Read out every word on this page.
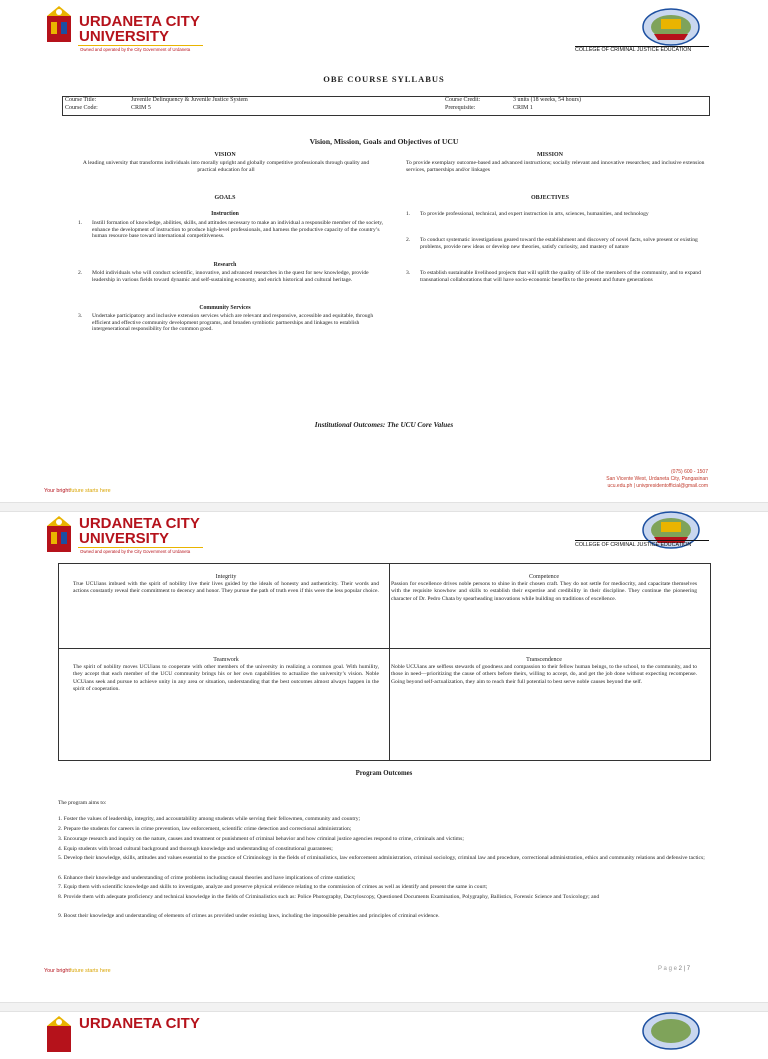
URDANETA CITY
UNIVERSITY
Owned and operated by the City Government of Urdaneta	COLLEGE OF CRIMINAL JUSTICE EDUCATION
OBE COURSE SYLLABUS
Course Title:	Juvenile Delinquency & Juvenile Justice System
Course Code:	CRIM 5
Course Credit:	3 units (18 weeks, 54 hours)
Prerequisite:	CRIM 1
Vision, Mission, Goals and Objectives of UCU
VISION
A leading university that transforms individuals into morally upright and globally competitive professionals through quality and practical education for all
MISSION
To provide exemplary outcome-based and advanced instructions; socially relevant and innovative researches; and inclusive extension services, partnerships and/or linkages
GOALS	OBJECTIVES
Instruction
1. Instill formation of knowledge, abilities, skills, and attitudes necessary to make an individual a responsible member of the society, enhance the development of instruction to produce high-level professionals, and harness the productive capacity of the country’s human resource base toward international competitiveness.
Research
2. Mold individuals who will conduct scientific, innovative, and advanced researches in the quest for new knowledge, provide leadership in various fields toward dynamic and self-sustaining economy, and enrich historical and cultural heritage.
Community Services
3. Undertake participatory and inclusive extension services which are relevant and responsive, accessible and equitable, through efficient and effective community development programs, and broaden symbiotic partnerships and linkages to establish intergenerational responsibility for the common good.
1. To provide professional, technical, and expert instruction in arts, sciences, humanities, and technology
2. To conduct systematic investigations geared toward the establishment and discovery of novel facts, solve present or existing problems, provide new ideas or develop new theories, satisfy curiosity, and mastery of nature
3. To establish sustainable livelihood projects that will uplift the quality of life of the members of the community, and to expand transnational collaborations that will have socio-economic benefits to the present and future generations
Institutional Outcomes: The UCU Core Values
Your brightfuture starts here
(075) 600 - 1507
San Vicente West, Urdaneta City, Pangasinan
ucu.edu.ph | univpresidentofficial@gmail.com
URDANETA CITY
UNIVERSITY
Owned and operated by the City Government of Urdaneta
COLLEGE OF CRIMINAL JUSTICE EDUCATION
Integrity
True UCUians imbued with the spirit of nobility live their lives guided by the ideals of honesty and authenticity. Their words and actions constantly reveal their commitment to decency and honor. They pursue the path of truth even if this were the less popular choice.
Competence
Passion for excellence drives noble persons to shine in their chosen craft. They do not settle for mediocrity, and capacitate themselves with the requisite knowhow and skills to establish their expertise and credibility in their discipline. They continue the pioneering character of Dr. Pedro Chata by spearheading innovations while building on traditions of excellence.
Teamwork
The spirit of nobility moves UCUians to cooperate with other members of the university in realizing a common goal. With humility, they accept that each member of the UCU community brings his or her own capabilities to actualize the university’s vision. Noble UCUians seek and pursue to achieve unity in any area or situation, understanding that the best outcomes almost always happen in the spirit of cooperation.
Transcendence
Noble UCUians are selfless stewards of goodness and compassion to their fellow human beings, to the school, to the community, and to those in need—prioritizing the cause of others before theirs, willing to accept, do, and get the job done without expecting recompense. Going beyond self-actualization, they aim to reach their full potential to best serve noble causes beyond the self.
Program Outcomes
The program aims to:
1. Foster the values of leadership, integrity, and accountability among students while serving their fellowmen, community and country;
2. Prepare the students for careers in crime prevention, law enforcement, scientific crime detection and correctional administration;
3. Encourage research and inquiry on the nature, causes and treatment or punishment of criminal behavior and how criminal justice agencies respond to crime, criminals and victims;
4. Equip students with broad cultural background and thorough knowledge and understanding of constitutional guarantees;
5. Develop their knowledge, skills, attitudes and values essential to the practice of Criminology in the fields of criminalistics, law enforcement administration, criminal sociology, criminal law and procedure, correctional administration, ethics and community relations and defensive tactics;
6. Enhance their knowledge and understanding of crime problems including causal theories and have implications of crime statistics;
7. Equip them with scientific knowledge and skills to investigate, analyze and preserve physical evidence relating to the commission of crimes as well as identify and present the same in court;
8. Provide them with adequate proficiency and technical knowledge in the fields of Criminalistics such as: Police Photography, Dactyloscopy, Questioned Documents Examination, Polygraphy, Ballistics, Forensic Science and Toxicology; and
9. Boost their knowledge and understanding of elements of crimes as provided under existing laws, including the impossible penalties and principles of criminal evidence.
Your brightfuture starts here	P a g e 2 | 7
URDANETA CITY
